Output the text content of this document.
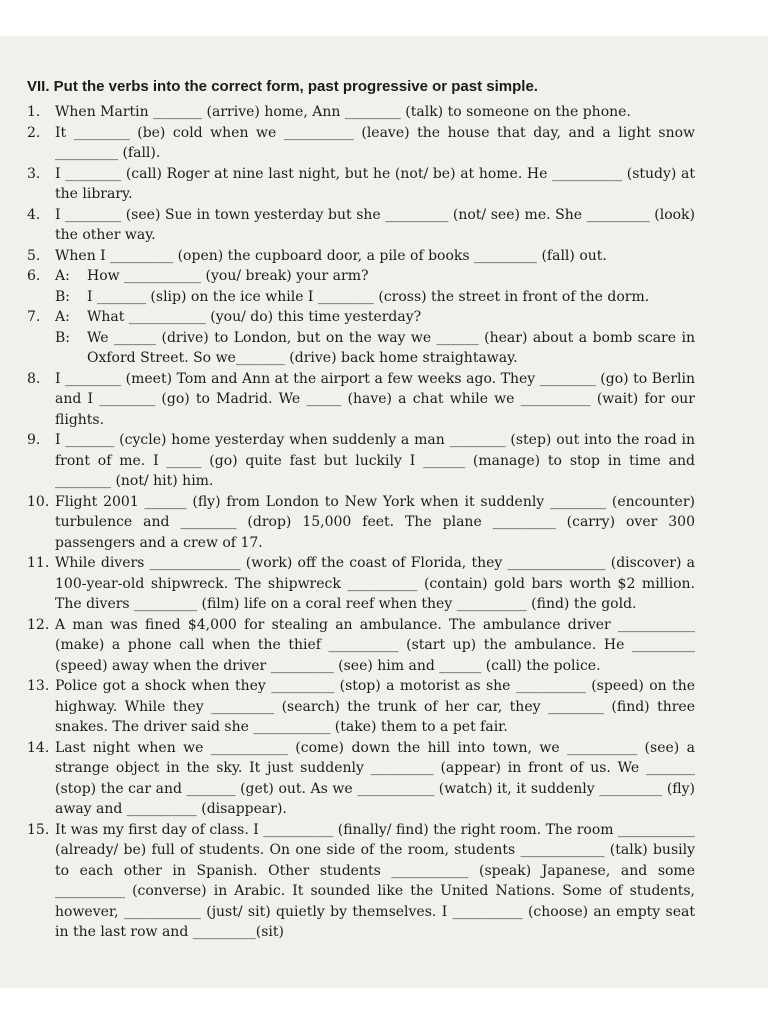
VII. Put the verbs into the correct form, past progressive or past simple.
1.	When Martin _______ (arrive) home, Ann ________ (talk) to someone on the phone.
2.	It ________ (be) cold when we __________ (leave) the house that day, and a light snow _________ (fall).
3.	I ________ (call) Roger at nine last night, but he (not/ be) at home. He __________ (study) at the library.
4.	I ________ (see) Sue in town yesterday but she _________ (not/ see) me. She _________ (look) the other way.
5.	When I _________ (open) the cupboard door, a pile of books _________ (fall) out.
6.	A: How ___________ (you/ break) your arm?
B: I _______ (slip) on the ice while I ________ (cross) the street in front of the dorm.
7.	A: What ___________ (you/ do) this time yesterday?
B: We ______ (drive) to London, but on the way we ______ (hear) about a bomb scare in Oxford Street. So we_______ (drive) back home straightaway.
8.	I ________ (meet) Tom and Ann at the airport a few weeks ago. They ________ (go) to Berlin and I ________ (go) to Madrid. We _____ (have) a chat while we __________ (wait) for our flights.
9.	I _______ (cycle) home yesterday when suddenly a man ________ (step) out into the road in front of me. I _____ (go) quite fast but luckily I ______ (manage) to stop in time and ________ (not/ hit) him.
10. Flight 2001 ______ (fly) from London to New York when it suddenly ________ (encounter) turbulence and ________ (drop) 15,000 feet. The plane _________ (carry) over 300 passengers and a crew of 17.
11. While divers _____________ (work) off the coast of Florida, they ______________ (discover) a 100-year-old shipwreck. The shipwreck __________ (contain) gold bars worth $2 million. The divers _________ (film) life on a coral reef when they __________ (find) the gold.
12. A man was fined $4,000 for stealing an ambulance. The ambulance driver ___________ (make) a phone call when the thief __________ (start up) the ambulance. He _________ (speed) away when the driver _________ (see) him and ______ (call) the police.
13. Police got a shock when they _________ (stop) a motorist as she __________ (speed) on the highway. While they _________ (search) the trunk of her car, they ________ (find) three snakes. The driver said she ___________ (take) them to a pet fair.
14. Last night when we ___________ (come) down the hill into town, we __________ (see) a strange object in the sky. It just suddenly _________ (appear) in front of us. We _______ (stop) the car and _______ (get) out. As we ___________ (watch) it, it suddenly _________ (fly) away and __________ (disappear).
15. It was my first day of class. I __________ (finally/ find) the right room. The room ___________ (already/ be) full of students. On one side of the room, students ____________ (talk) busily to each other in Spanish. Other students ___________ (speak) Japanese, and some __________ (converse) in Arabic. It sounded like the United Nations. Some of students, however, ___________ (just/ sit) quietly by themselves. I __________ (choose) an empty seat in the last row and _________(sit)
